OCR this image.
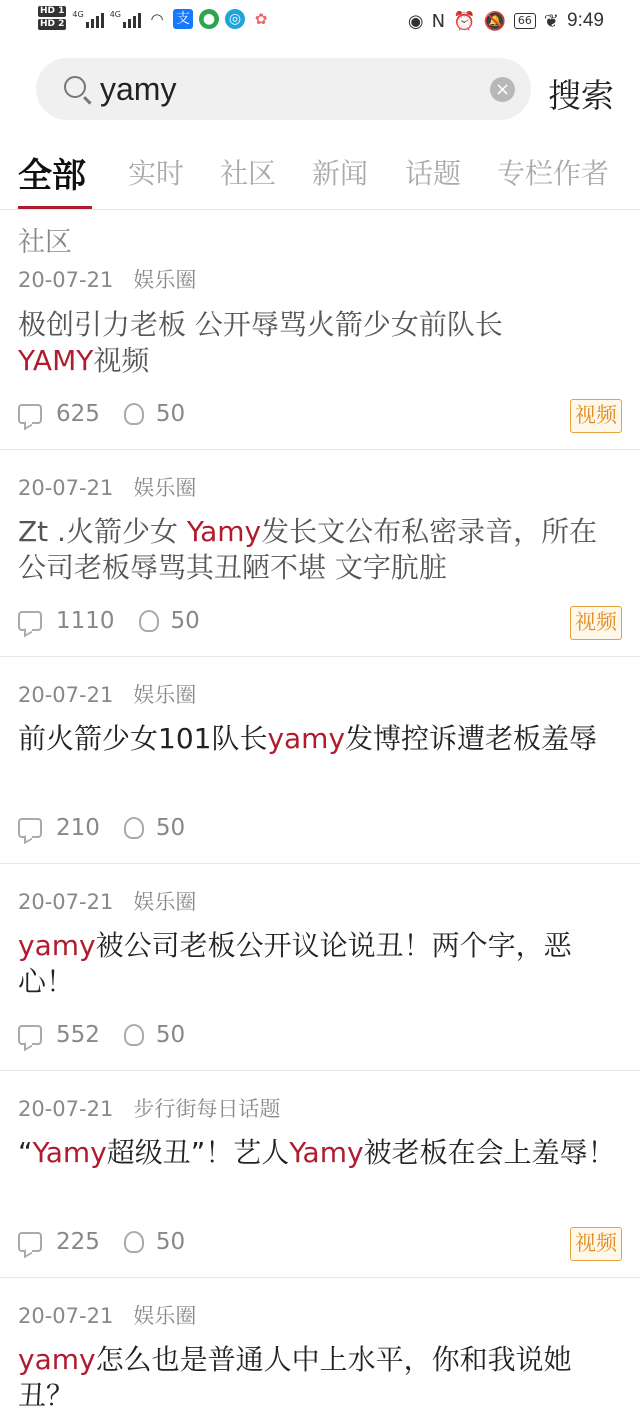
HD 1
HD 2
4G	4G ◠ 支 ● ◎ ✿	◉ N ⏰ 🔕	66 ❦ 9:49
yamy
× 搜索
全部 实时 社区 新闻 话题 专栏作者
社区
20-07-21 娱乐圈
极创引力老板 公开辱骂火箭少女前队长
YAMY视频
625 50	视频
20-07-21 娱乐圈
Zt .火箭少女 Yamy发长文公布私密录音，所在公司老板辱骂其丑陋不堪 文字肮脏
1110 50	视频
20-07-21 娱乐圈
前火箭少女101队长yamy发博控诉遭老板羞辱
210 50
20-07-21 娱乐圈
yamy被公司老板公开议论说丑！两个字，恶心！
552 50
20-07-21 步行街每日话题
“Yamy超级丑”！艺人Yamy被老板在会上羞辱！
225 50	视频
20-07-21 娱乐圈
yamy怎么也是普通人中上水平，你和我说她丑？
